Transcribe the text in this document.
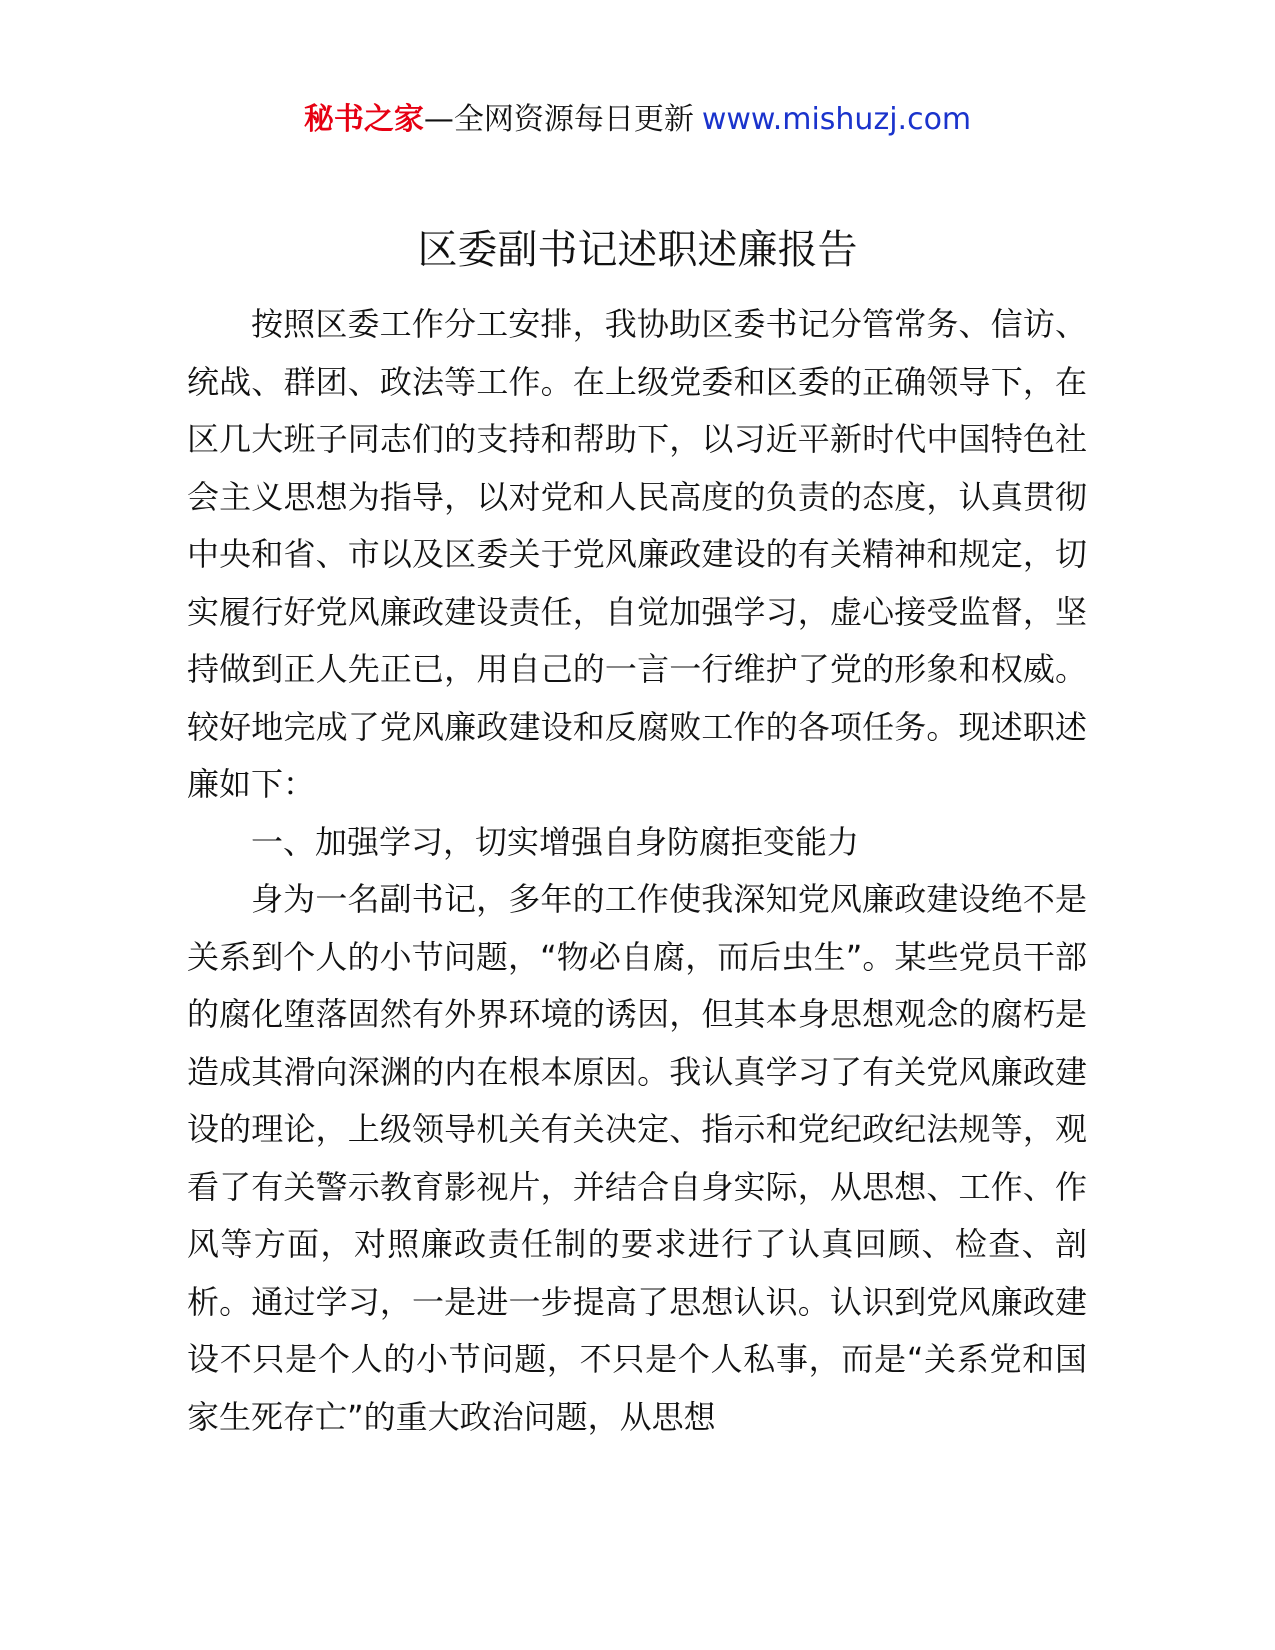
秘书之家—全网资源每日更新 www.mishuzj.com
区委副书记述职述廉报告

按照区委工作分工安排，我协助区委书记分管常务、信访、统战、群团、政法等工作。在上级党委和区委的正确领导下，在区几大班子同志们的支持和帮助下，以习近平新时代中国特色社会主义思想为指导，以对党和人民高度的负责的态度，认真贯彻中央和省、市以及区委关于党风廉政建设的有关精神和规定，切实履行好党风廉政建设责任，自觉加强学习，虚心接受监督，坚持做到正人先正已，用自己的一言一行维护了党的形象和权威。较好地完成了党风廉政建设和反腐败工作的各项任务。现述职述廉如下：

一、加强学习，切实增强自身防腐拒变能力

身为一名副书记，多年的工作使我深知党风廉政建设绝不是关系到个人的小节问题，“物必自腐，而后虫生”。某些党员干部的腐化堕落固然有外界环境的诱因，但其本身思想观念的腐朽是造成其滑向深渊的内在根本原因。我认真学习了有关党风廉政建设的理论，上级领导机关有关决定、指示和党纪政纪法规等，观看了有关警示教育影视片，并结合自身实际，从思想、工作、作风等方面，对照廉政责任制的要求进行了认真回顾、检查、剖析。通过学习，一是进一步提高了思想认识。认识到党风廉政建设不只是个人的小节问题，不只是个人私事，而是“关系党和国家生死存亡”的重大政治问题，从思想
